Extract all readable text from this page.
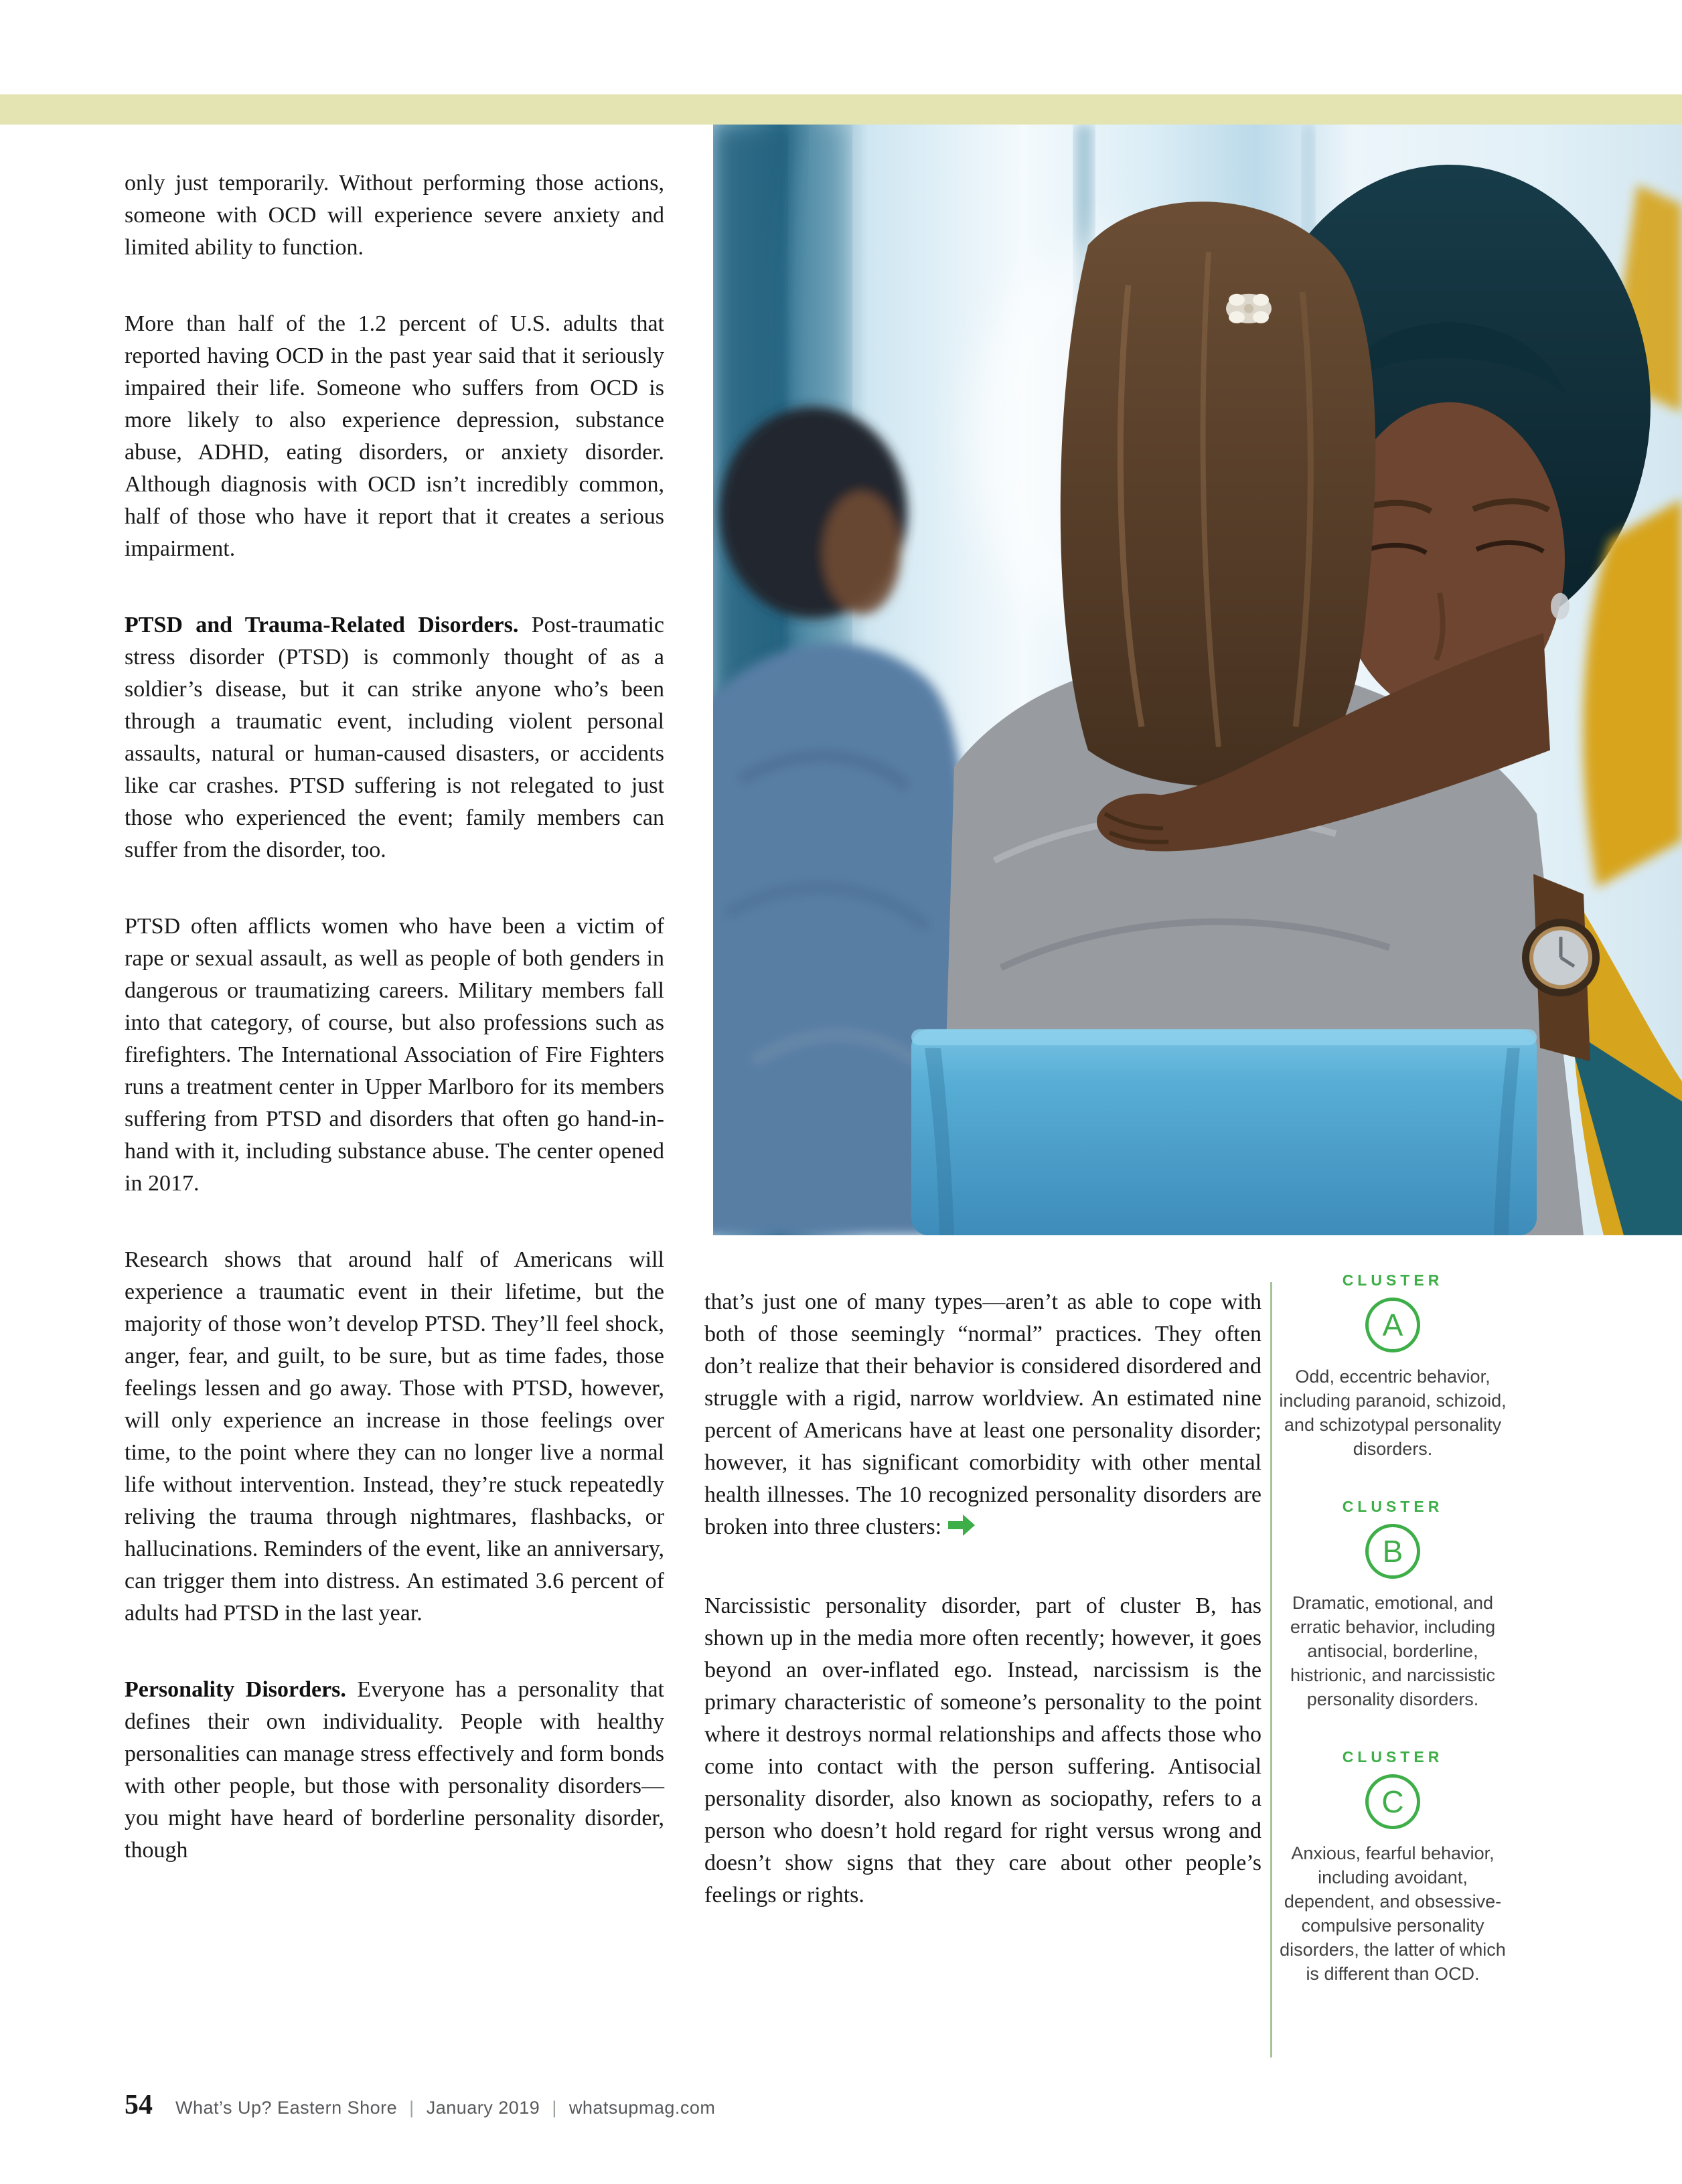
only just temporarily. Without performing those actions, someone with OCD will experience severe anxiety and limited ability to function.

More than half of the 1.2 percent of U.S. adults that reported having OCD in the past year said that it seriously impaired their life. Someone who suffers from OCD is more likely to also experience depression, substance abuse, ADHD, eating disorders, or anxiety disorder. Although diagnosis with OCD isn’t incredibly common, half of those who have it report that it creates a serious impairment.

PTSD and Trauma-Related Disorders. Post-traumatic stress disorder (PTSD) is commonly thought of as a soldier’s disease, but it can strike anyone who’s been through a traumatic event, including violent personal assaults, natural or human-caused disasters, or accidents like car crashes. PTSD suffering is not relegated to just those who experienced the event; family members can suffer from the disorder, too.

PTSD often afflicts women who have been a victim of rape or sexual assault, as well as people of both genders in dangerous or traumatizing careers. Military members fall into that category, of course, but also professions such as firefighters. The International Association of Fire Fighters runs a treatment center in Upper Marlboro for its members suffering from PTSD and disorders that often go hand-in-hand with it, including substance abuse. The center opened in 2017.

Research shows that around half of Americans will experience a traumatic event in their lifetime, but the majority of those won’t develop PTSD. They’ll feel shock, anger, fear, and guilt, to be sure, but as time fades, those feelings lessen and go away. Those with PTSD, however, will only experience an increase in those feelings over time, to the point where they can no longer live a normal life without intervention. Instead, they’re stuck repeatedly reliving the trauma through nightmares, flashbacks, or hallucinations. Reminders of the event, like an anniversary, can trigger them into distress. An estimated 3.6 percent of adults had PTSD in the last year.

Personality Disorders. Everyone has a personality that defines their own individuality. People with healthy personalities can manage stress effectively and form bonds with other people, but those with personality disorders—you might have heard of borderline personality disorder, though

that’s just one of many types—aren’t as able to cope with both of those seemingly “normal” practices. They often don’t realize that their behavior is considered disordered and struggle with a rigid, narrow worldview. An estimated nine percent of Americans have at least one personality disorder; however, it has significant comorbidity with other mental health illnesses. The 10 recognized personality disorders are broken into three clusters:

Narcissistic personality disorder, part of cluster B, has shown up in the media more often recently; however, it goes beyond an over-inflated ego. Instead, narcissism is the primary characteristic of someone’s personality to the point where it destroys normal relationships and affects those who come into contact with the person suffering. Antisocial personality disorder, also known as sociopathy, refers to a person who doesn’t hold regard for right versus wrong and doesn’t show signs that they care about other people’s feelings or rights.

CLUSTER
A
Odd, eccentric behavior, including paranoid, schizoid, and schizotypal personality disorders.
CLUSTER
B
Dramatic, emotional, and erratic behavior, including antisocial, borderline, histrionic, and narcissistic personality disorders.
CLUSTER
C
Anxious, fearful behavior, including avoidant, dependent, and obsessive-compulsive personality disorders, the latter of which is different than OCD.
54 What’s Up? Eastern Shore | January 2019 | whatsupmag.com
